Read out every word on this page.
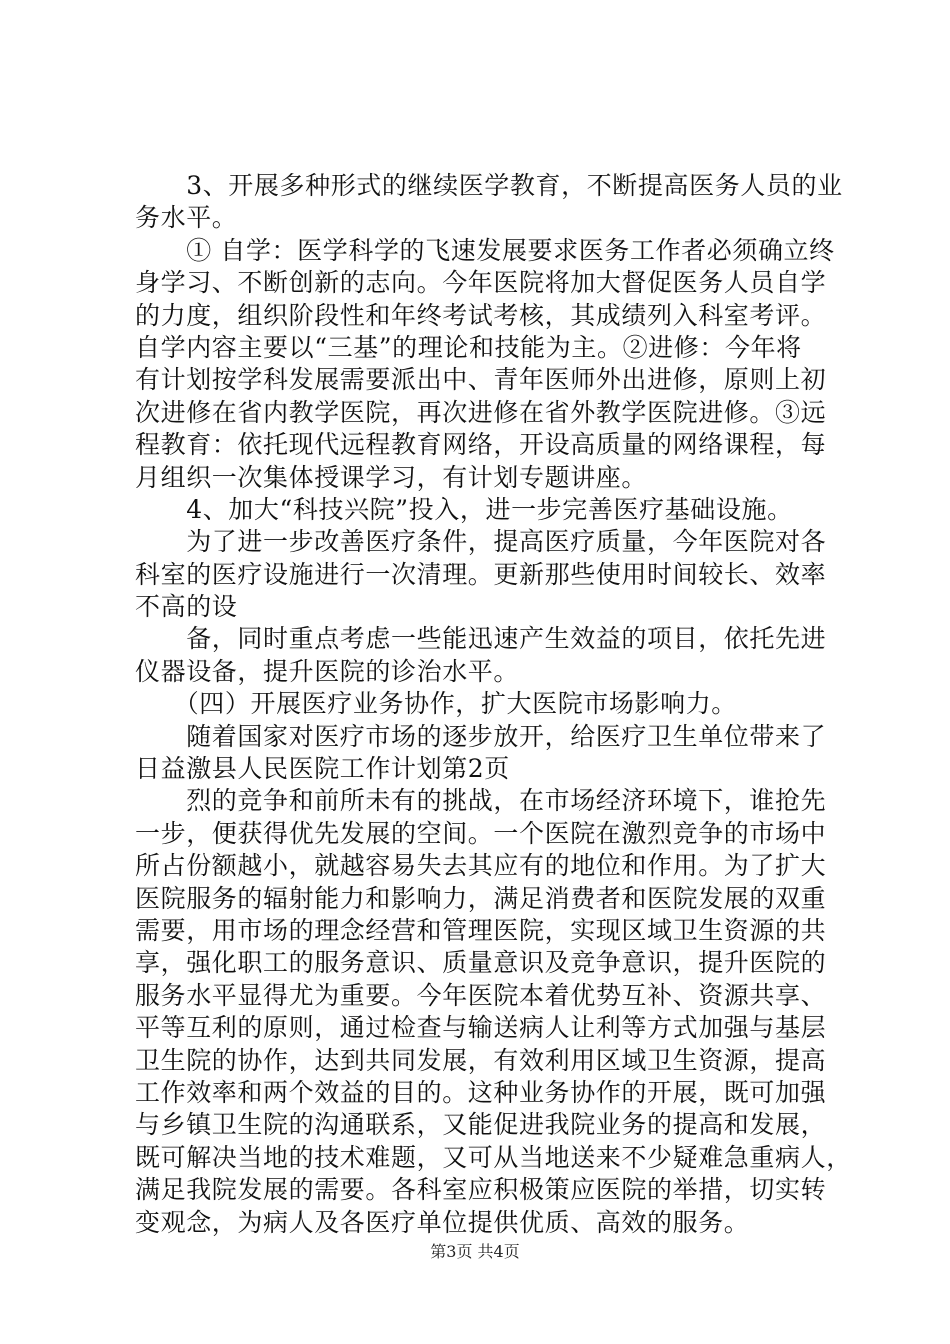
　　3、开展多种形式的继续医学教育，不断提高医务人员的业
务水平。
　　① 自学：医学科学的飞速发展要求医务工作者必须确立终
身学习、不断创新的志向。今年医院将加大督促医务人员自学
的力度，组织阶段性和年终考试考核，其成绩列入科室考评。
自学内容主要以“三基”的理论和技能为主。②进修：今年将
有计划按学科发展需要派出中、青年医师外出进修，原则上初
次进修在省内教学医院，再次进修在省外教学医院进修。③远
程教育：依托现代远程教育网络，开设高质量的网络课程，每
月组织一次集体授课学习，有计划专题讲座。
　　4、加大“科技兴院”投入，进一步完善医疗基础设施。
　　为了进一步改善医疗条件，提高医疗质量，今年医院对各
科室的医疗设施进行一次清理。更新那些使用时间较长、效率
不高的设
　　备，同时重点考虑一些能迅速产生效益的项目，依托先进
仪器设备，提升医院的诊治水平。
　　（四）开展医疗业务协作，扩大医院市场影响力。
　　随着国家对医疗市场的逐步放开，给医疗卫生单位带来了
日益激县人民医院工作计划第2页
　　烈的竞争和前所未有的挑战，在市场经济环境下，谁抢先
一步，便获得优先发展的空间。一个医院在激烈竞争的市场中
所占份额越小，就越容易失去其应有的地位和作用。为了扩大
医院服务的辐射能力和影响力，满足消费者和医院发展的双重
需要，用市场的理念经营和管理医院，实现区域卫生资源的共
享，强化职工的服务意识、质量意识及竞争意识，提升医院的
服务水平显得尤为重要。今年医院本着优势互补、资源共享、
平等互利的原则，通过检查与输送病人让利等方式加强与基层
卫生院的协作，达到共同发展，有效利用区域卫生资源，提高
工作效率和两个效益的目的。这种业务协作的开展，既可加强
与乡镇卫生院的沟通联系，又能促进我院业务的提高和发展，
既可解决当地的技术难题，又可从当地送来不少疑难急重病人，
满足我院发展的需要。各科室应积极策应医院的举措，切实转
变观念，为病人及各医疗单位提供优质、高效的服务。
第3页 共4页
